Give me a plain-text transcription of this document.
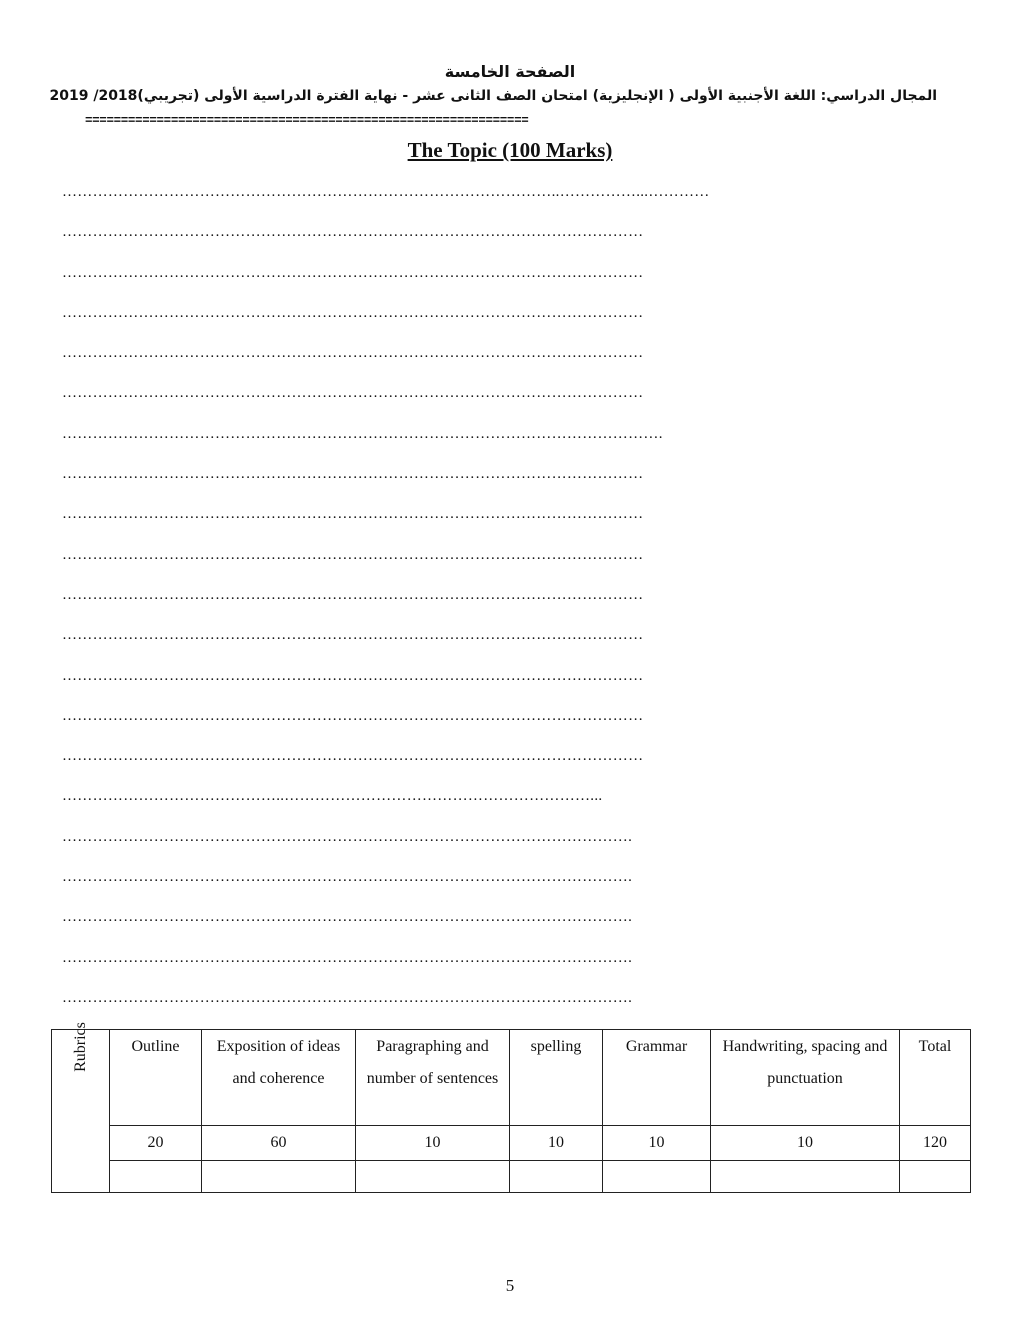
الصفحة الخامسة
المجال الدراسي: اللغة الأجنبية الأولى ( الإنجليزية) امتحان الصف الثانى عشر - نهاية الفترة الدراسية الأولى (تجريبي)2018/ 2019
==============================================================
The Topic (100 Marks)
……………………………………………………………………………………..……………...…………
……………………………………………………………………………………………………
……………………………………………………………………………………………………
……………………………………………………………………………………………………
……………………………………………………………………………………………………
……………………………………………………………………………………………………
……………………………………………………………………………………………………….
……………………………………………………………………………………………………
……………………………………………………………………………………………………
……………………………………………………………………………………………………
……………………………………………………………………………………………………
……………………………………………………………………………………………………
……………………………………………………………………………………………………
……………………………………………………………………………………………………
……………………………………………………………………………………………………
……………………………………..……………………………………………………...
………………………………………………………………………………………………….
………………………………………………………………………………………………….
………………………………………………………………………………………………….
………………………………………………………………………………………………….
………………………………………………………………………………………………….
Rubrics	Outline	Exposition of ideas and coherence	Paragraphing and number of sentences	spelling	Grammar	Handwriting, spacing and punctuation	Total
	20	60	10	10	10	10	120

5
